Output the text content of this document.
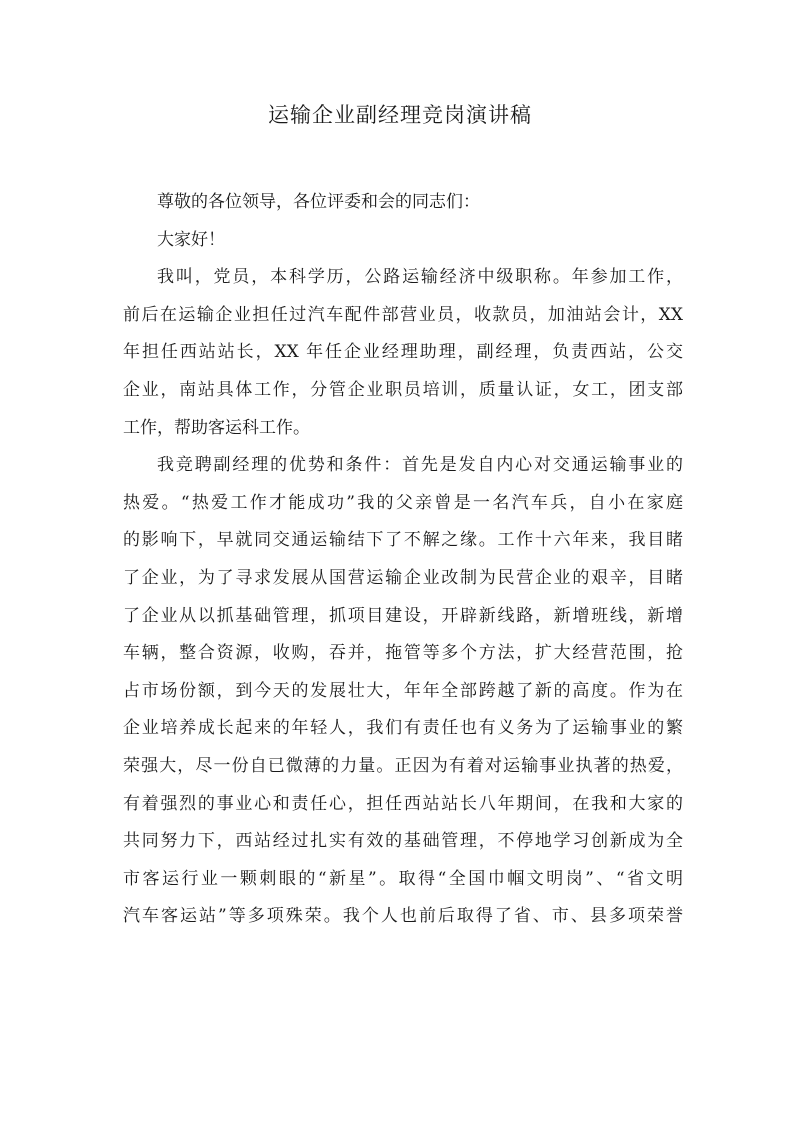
运输企业副经理竞岗演讲稿
尊敬的各位领导，各位评委和会的同志们：
大家好！
我叫，党员，本科学历，公路运输经济中级职称。年参加工作，
前后在运输企业担任过汽车配件部营业员，收款员，加油站会计，XX
年担任西站站长，XX 年任企业经理助理，副经理，负责西站，公交
企业，南站具体工作，分管企业职员培训，质量认证，女工，团支部
工作，帮助客运科工作。
我竞聘副经理的优势和条件：首先是发自内心对交通运输事业的
热爱。“热爱工作才能成功”我的父亲曾是一名汽车兵，自小在家庭
的影响下，早就同交通运输结下了不解之缘。工作十六年来，我目睹
了企业，为了寻求发展从国营运输企业改制为民营企业的艰辛，目睹
了企业从以抓基础管理，抓项目建设，开辟新线路，新增班线，新增
车辆，整合资源，收购，吞并，拖管等多个方法，扩大经营范围，抢
占市场份额，到今天的发展壮大，年年全部跨越了新的高度。作为在
企业培养成长起来的年轻人，我们有责任也有义务为了运输事业的繁
荣强大，尽一份自已微薄的力量。正因为有着对运输事业执著的热爱，
有着强烈的事业心和责任心，担任西站站长八年期间，在我和大家的
共同努力下，西站经过扎实有效的基础管理，不停地学习创新成为全
市客运行业一颗刺眼的“新星”。取得“全国巾帼文明岗”、“省文明
汽车客运站”等多项殊荣。我个人也前后取得了省、市、县多项荣誉
